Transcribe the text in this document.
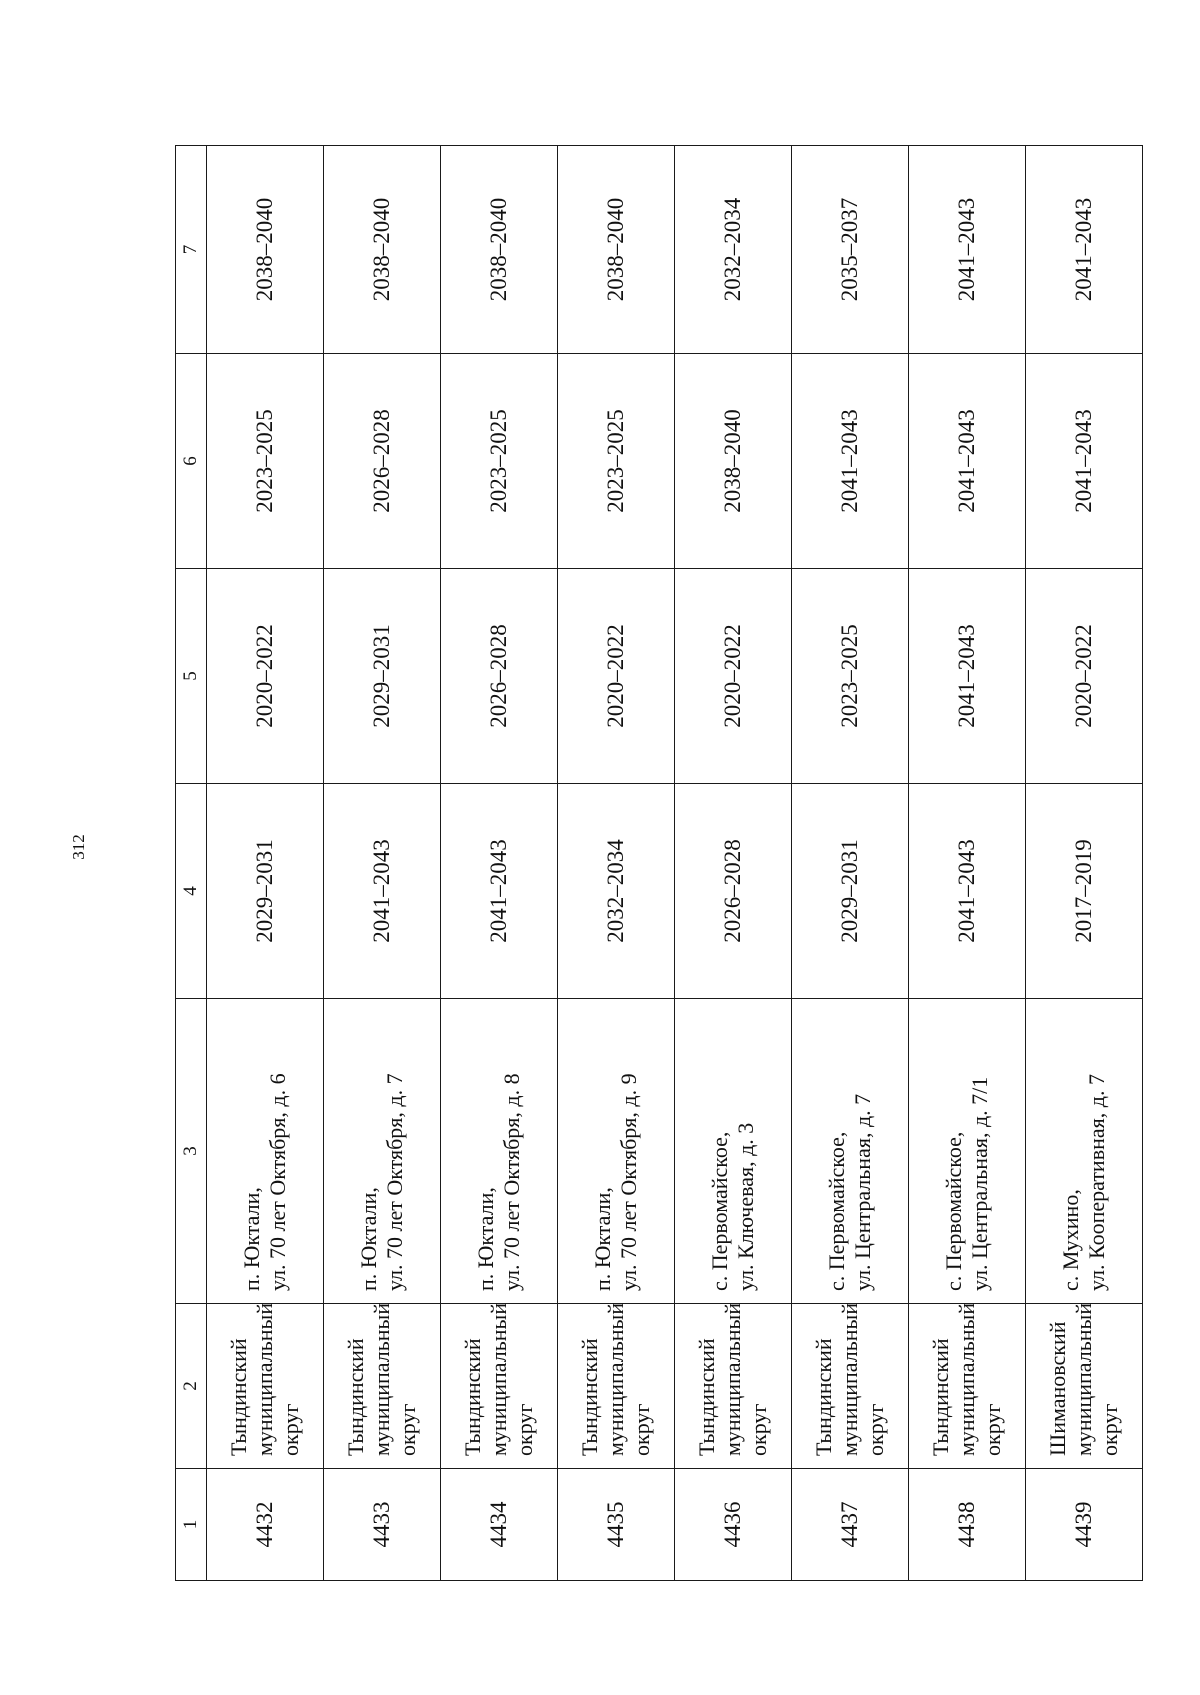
312
1	2	3	4	5	6	7
4432	Тындинский муниципальный округ	п. Юктали, ул. 70 лет Октября, д. 6	2029–2031	2020–2022	2023–2025	2038–2040
4433	Тындинский муниципальный округ	п. Юктали, ул. 70 лет Октября, д. 7	2041–2043	2029–2031	2026–2028	2038–2040
4434	Тындинский муниципальный округ	п. Юктали, ул. 70 лет Октября, д. 8	2041–2043	2026–2028	2023–2025	2038–2040
4435	Тындинский муниципальный округ	п. Юктали, ул. 70 лет Октября, д. 9	2032–2034	2020–2022	2023–2025	2038–2040
4436	Тындинский муниципальный округ	с. Первомайское, ул. Ключевая, д. 3	2026–2028	2020–2022	2038–2040	2032–2034
4437	Тындинский муниципальный округ	с. Первомайское, ул. Центральная, д. 7	2029–2031	2023–2025	2041–2043	2035–2037
4438	Тындинский муниципальный округ	с. Первомайское, ул. Центральная, д. 7/1	2041–2043	2041–2043	2041–2043	2041–2043
4439	Шимановский муниципальный округ	с. Мухино, ул. Кооперативная, д. 7	2017–2019	2020–2022	2041–2043	2041–2043
